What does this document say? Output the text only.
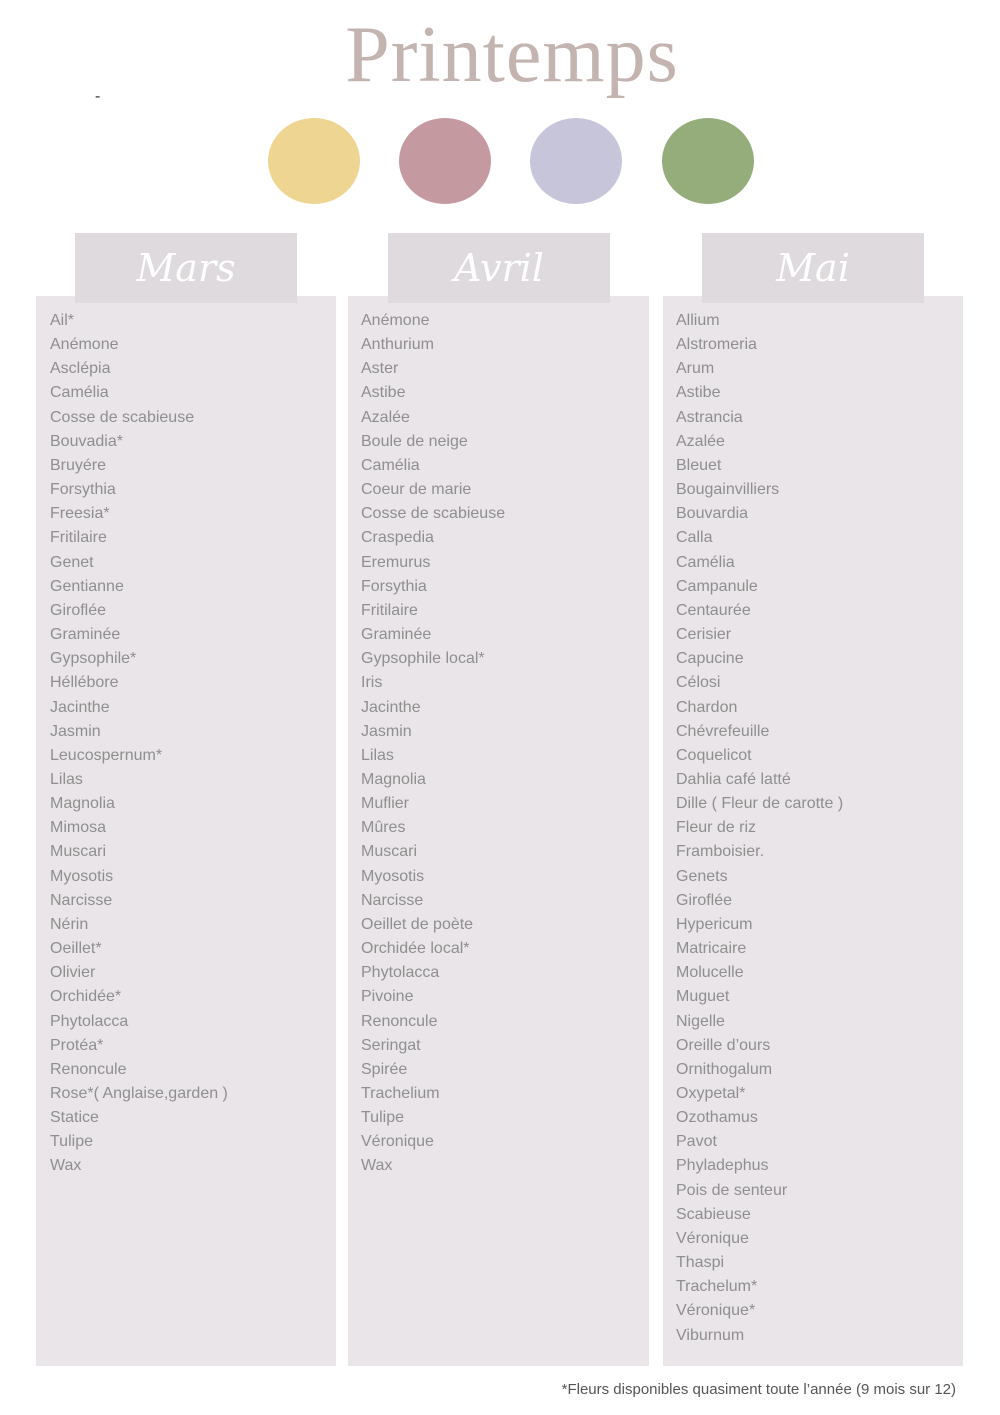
Printemps
-
Mars	Avril	Mai
Ail*
Anémone
Asclépia
Camélia
Cosse de scabieuse
Bouvadia*
Bruyére
Forsythia
Freesia*
Fritilaire
Genet
Gentianne
Giroflée
Graminée
Gypsophile*
Héllébore
Jacinthe
Jasmin
Leucospernum*
Lilas
Magnolia
Mimosa
Muscari
Myosotis
Narcisse
Nérin
Oeillet*
Olivier
Orchidée*
Phytolacca
Protéa*
Renoncule
Rose*( Anglaise,garden )
Statice
Tulipe
Wax
Anémone
Anthurium
Aster
Astibe
Azalée
Boule de neige
Camélia
Coeur de marie
Cosse de scabieuse
Craspedia
Eremurus
Forsythia
Fritilaire
Graminée
Gypsophile local*
Iris
Jacinthe
Jasmin
Lilas
Magnolia
Muflier
Mûres
Muscari
Myosotis
Narcisse
Oeillet de poète
Orchidée local*
Phytolacca
Pivoine
Renoncule
Seringat
Spirée
Trachelium
Tulipe
Véronique
Wax
Allium
Alstromeria
Arum
Astibe
Astrancia
Azalée
Bleuet
Bougainvilliers
Bouvardia
Calla
Camélia
Campanule
Centaurée
Cerisier
Capucine
Célosi
Chardon
Chévrefeuille
Coquelicot
Dahlia café latté
Dille ( Fleur de carotte )
Fleur de riz
Framboisier.
Genets
Giroflée
Hypericum
Matricaire
Molucelle
Muguet
Nigelle
Oreille d’ours
Ornithogalum
Oxypetal*
Ozothamus
Pavot
Phyladephus
Pois de senteur
Scabieuse
Véronique
Thaspi
Trachelum*
Véronique*
Viburnum
*Fleurs disponibles quasiment toute l’année (9 mois sur 12)
